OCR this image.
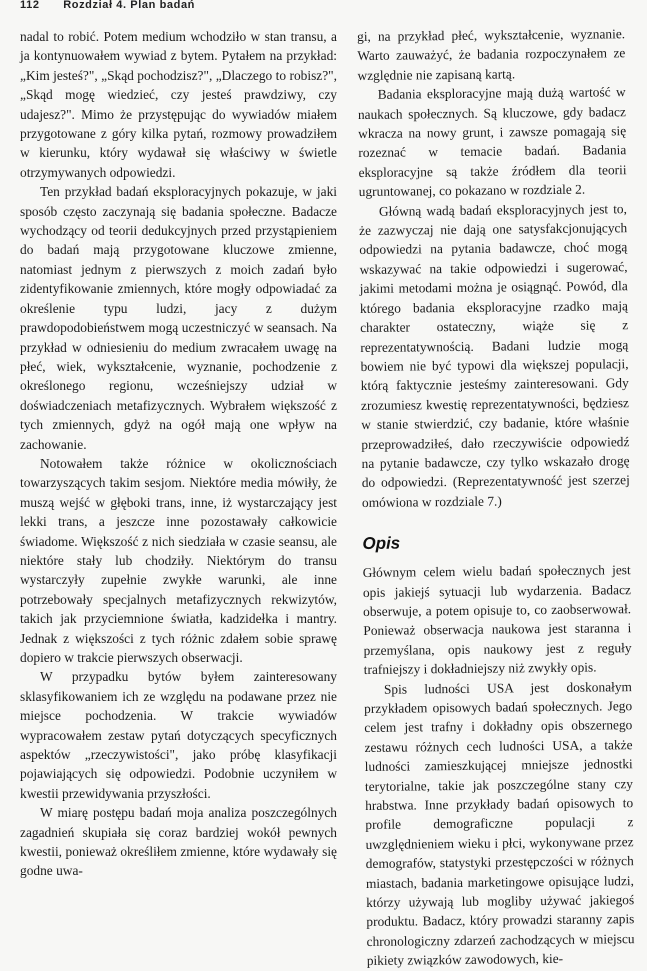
112 Rozdział 4. Plan badań

nadal to robić. Potem medium wchodziło w stan transu, a ja kontynuowałem wywiad z bytem. Pytałem na przykład: „Kim jesteś?", „Skąd pochodzisz?", „Dlaczego to robisz?", „Skąd mogę wiedzieć, czy jesteś prawdziwy, czy udajesz?". Mimo że przystępując do wywiadów miałem przygotowane z góry kilka pytań, rozmowy prowadziłem w kierunku, który wydawał się właściwy w świetle otrzymywanych odpowiedzi.

Ten przykład badań eksploracyjnych pokazuje, w jaki sposób często zaczynają się badania społeczne. Badacze wychodzący od teorii dedukcyjnych przed przystąpieniem do badań mają przygotowane kluczowe zmienne, natomiast jednym z pierwszych z moich zadań było zidentyfikowanie zmiennych, które mogły odpowiadać za określenie typu ludzi, jacy z dużym prawdopodobieństwem mogą uczestniczyć w seansach. Na przykład w odniesieniu do medium zwracałem uwagę na płeć, wiek, wykształcenie, wyznanie, pochodzenie z określonego regionu, wcześniejszy udział w doświadczeniach metafizycznych. Wybrałem większość z tych zmiennych, gdyż na ogół mają one wpływ na zachowanie.

Notowałem także różnice w okolicznościach towarzyszących takim sesjom. Niektóre media mówiły, że muszą wejść w głęboki trans, inne, iż wystarczający jest lekki trans, a jeszcze inne pozostawały całkowicie świadome. Większość z nich siedziała w czasie seansu, ale niektóre stały lub chodziły. Niektórym do transu wystarczyły zupełnie zwykłe warunki, ale inne potrzebowały specjalnych metafizycznych rekwizytów, takich jak przyciemnione światła, kadzidełka i mantry. Jednak z większości z tych różnic zdałem sobie sprawę dopiero w trakcie pierwszych obserwacji.

W przypadku bytów byłem zainteresowany sklasyfikowaniem ich ze względu na podawane przez nie miejsce pochodzenia. W trakcie wywiadów wypracowałem zestaw pytań dotyczących specyficznych aspektów „rzeczywistości", jako próbę klasyfikacji pojawiających się odpowiedzi. Podobnie uczyniłem w kwestii przewidywania przyszłości.

W miarę postępu badań moja analiza poszczególnych zagadnień skupiała się coraz bardziej wokół pewnych kwestii, ponieważ określiłem zmienne, które wydawały się godne uwa-

gi, na przykład płeć, wykształcenie, wyznanie. Warto zauważyć, że badania rozpoczynałem ze względnie nie zapisaną kartą.

Badania eksploracyjne mają dużą wartość w naukach społecznych. Są kluczowe, gdy badacz wkracza na nowy grunt, i zawsze pomagają się rozeznać w temacie badań. Badania eksploracyjne są także źródłem dla teorii ugruntowanej, co pokazano w rozdziale 2.

Główną wadą badań eksploracyjnych jest to, że zazwyczaj nie dają one satysfakcjonujących odpowiedzi na pytania badawcze, choć mogą wskazywać na takie odpowiedzi i sugerować, jakimi metodami można je osiągnąć. Powód, dla którego badania eksploracyjne rzadko mają charakter ostateczny, wiąże się z reprezentatywnością. Badani ludzie mogą bowiem nie być typowi dla większej populacji, którą faktycznie jesteśmy zainteresowani. Gdy zrozumiesz kwestię reprezentatywności, będziesz w stanie stwierdzić, czy badanie, które właśnie przeprowadziłeś, dało rzeczywiście odpowiedź na pytanie badawcze, czy tylko wskazało drogę do odpowiedzi. (Reprezentatywność jest szerzej omówiona w rozdziale 7.)

Opis

Głównym celem wielu badań społecznych jest opis jakiejś sytuacji lub wydarzenia. Badacz obserwuje, a potem opisuje to, co zaobserwował. Ponieważ obserwacja naukowa jest staranna i przemyślana, opis naukowy jest z reguły trafniejszy i dokładniejszy niż zwykły opis.

Spis ludności USA jest doskonałym przykładem opisowych badań społecznych. Jego celem jest trafny i dokładny opis obszernego zestawu różnych cech ludności USA, a także ludności zamieszkującej mniejsze jednostki terytorialne, takie jak poszczególne stany czy hrabstwa. Inne przykłady badań opisowych to profile demograficzne populacji z uwzględnieniem wieku i płci, wykonywane przez demografów, statystyki przestępczości w różnych miastach, badania marketingowe opisujące ludzi, którzy używają lub mogliby używać jakiegoś produktu. Badacz, który prowadzi staranny zapis chronologiczny zdarzeń zachodzących w miejscu pikiety związków zawodowych, kie-
